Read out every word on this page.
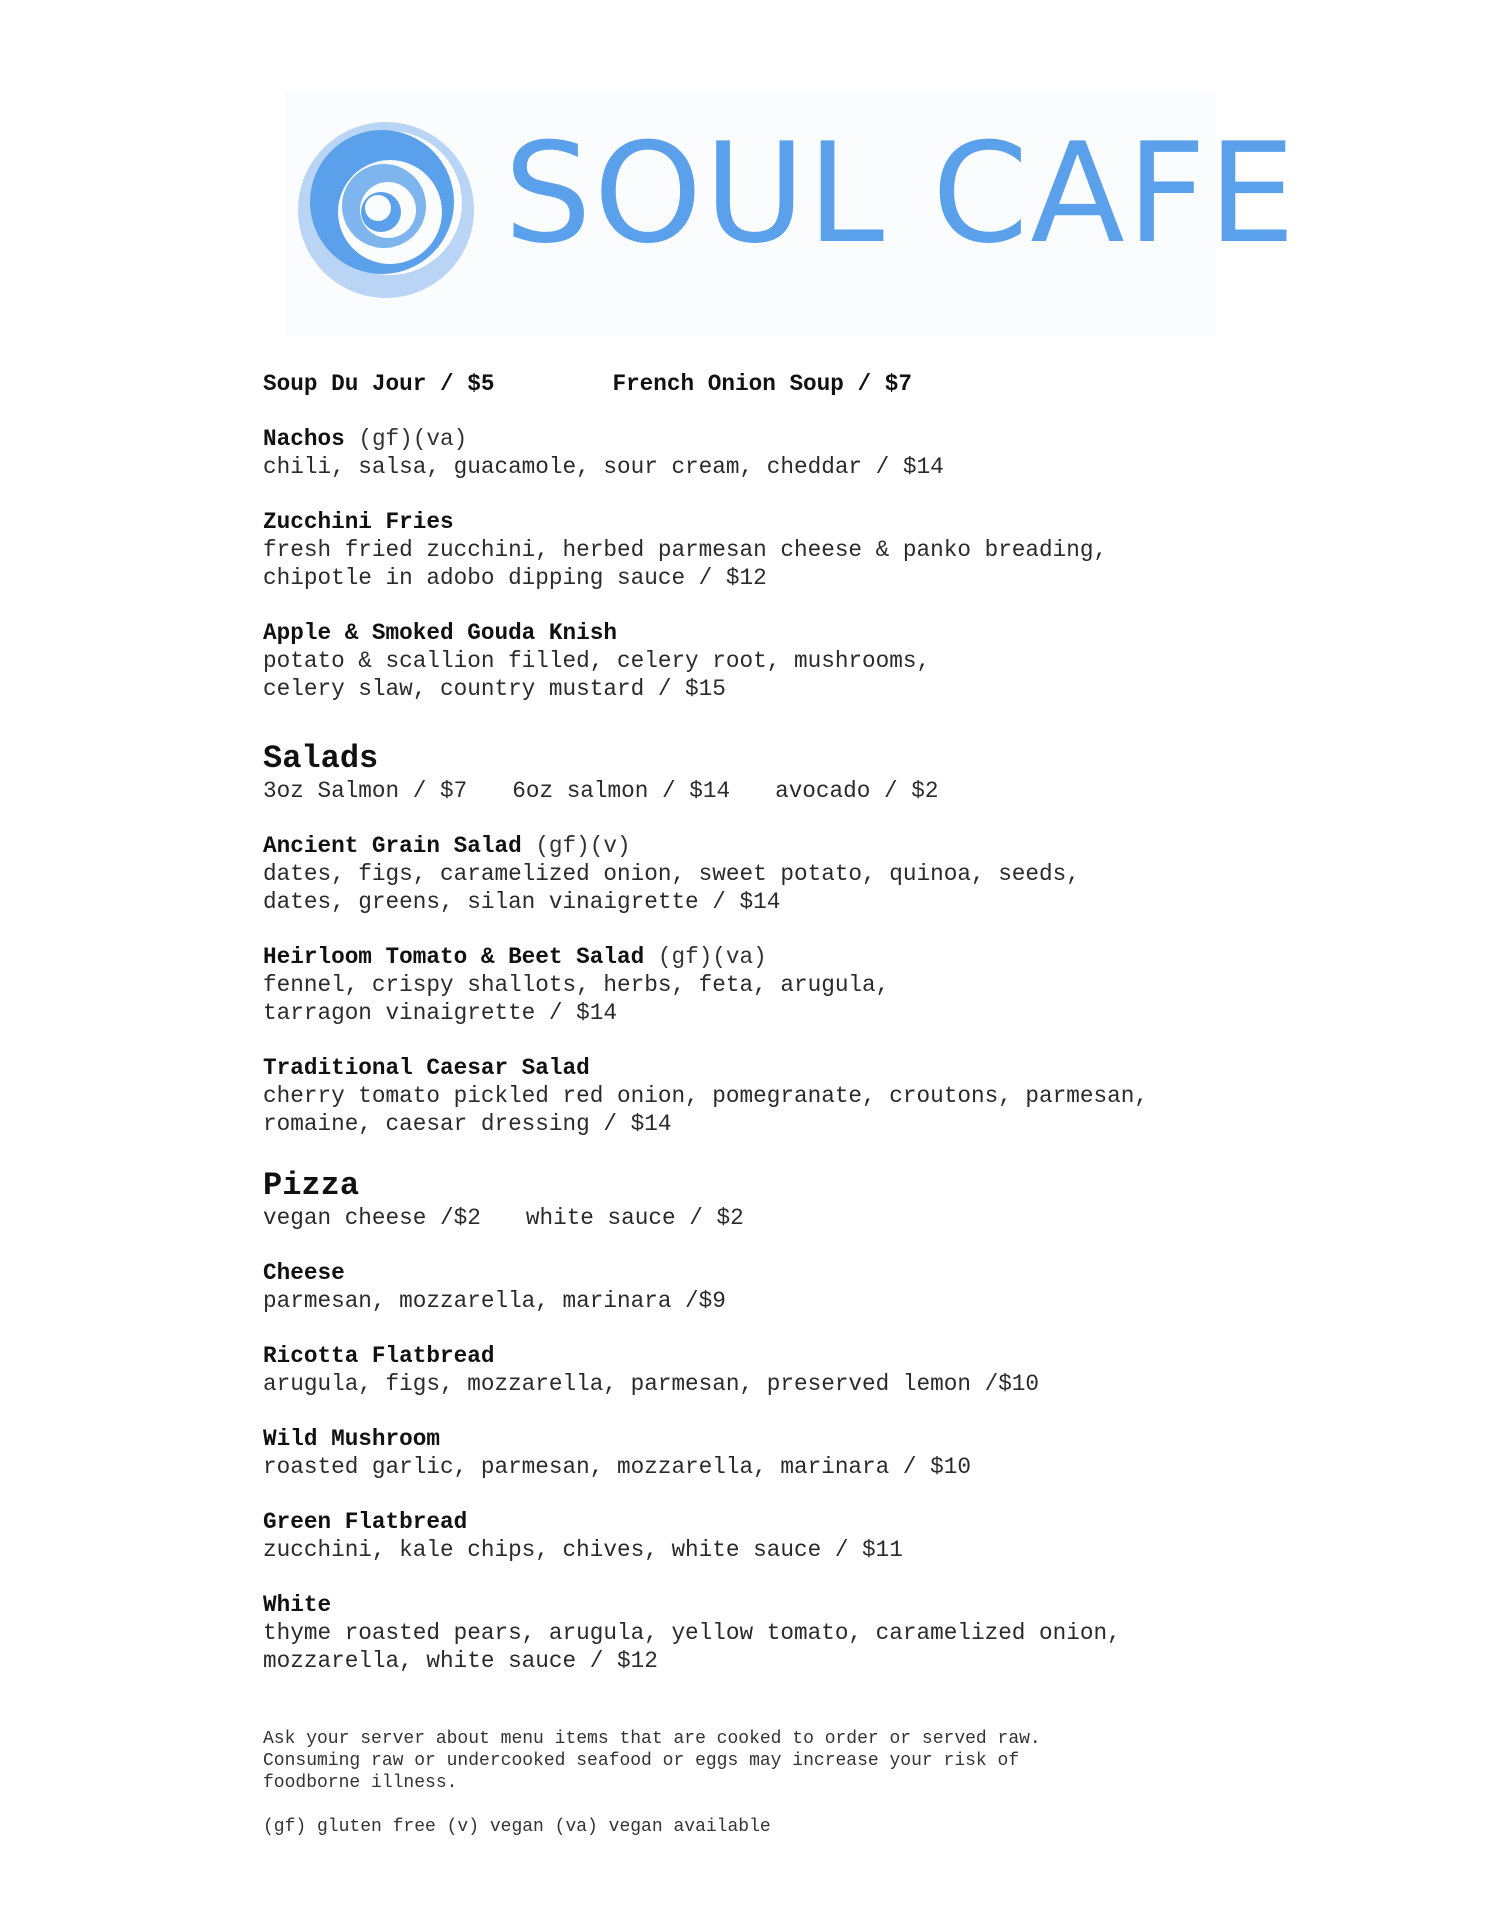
SOUL CAFE
Soup Du Jour / $5	French Onion Soup / $7

Nachos (gf)(va)

chili, salsa, guacamole, sour cream, cheddar / $14

Zucchini Fries

fresh fried zucchini, herbed parmesan cheese & panko breading,

chipotle in adobo dipping sauce / $12

Apple & Smoked Gouda Knish

potato & scallion filled, celery root, mushrooms,

celery slaw, country mustard / $15

Salads
3oz Salmon / $7 6oz salmon / $14 avocado / $2

Ancient Grain Salad (gf)(v)

dates, figs, caramelized onion, sweet potato, quinoa, seeds,

dates, greens, silan vinaigrette / $14

Heirloom Tomato & Beet Salad (gf)(va)

fennel, crispy shallots, herbs, feta, arugula,

tarragon vinaigrette / $14

Traditional Caesar Salad

cherry tomato pickled red onion, pomegranate, croutons, parmesan,

romaine, caesar dressing / $14

Pizza
vegan cheese /$2 white sauce / $2

Cheese

parmesan, mozzarella, marinara /$9

Ricotta Flatbread

arugula, figs, mozzarella, parmesan, preserved lemon /$10

Wild Mushroom

roasted garlic, parmesan, mozzarella, marinara / $10

Green Flatbread

zucchini, kale chips, chives, white sauce / $11

White

thyme roasted pears, arugula, yellow tomato, caramelized onion,

mozzarella, white sauce / $12

Ask your server about menu items that are cooked to order or served raw.

Consuming raw or undercooked seafood or eggs may increase your risk of

foodborne illness.

(gf) gluten free (v) vegan (va) vegan available
